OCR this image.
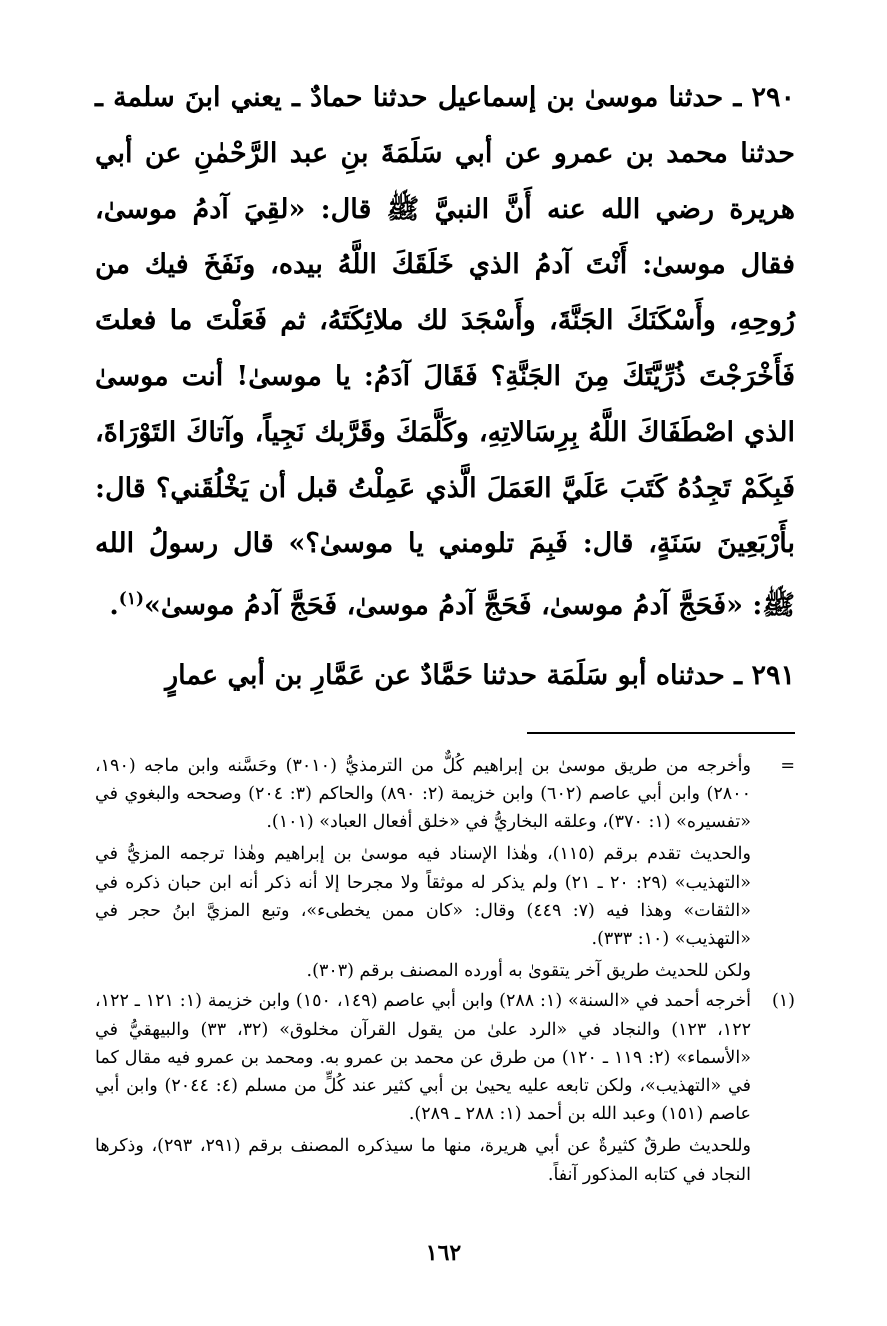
٢٩٠ ـ حدثنا موسىٰ بن إسماعيل حدثنا حمادٌ ـ يعني ابنَ سلمة ـ حدثنا محمد بن عمرو عن أبي سَلَمَةَ بنِ عبد الرَّحْمٰنِ عن أبي هريرة رضي الله عنه أَنَّ النبيَّ ﷺ قال: «لقِيَ آدمُ موسىٰ، فقال موسىٰ: أَنْتَ آدمُ الذي خَلَقَكَ اللَّهُ بيده، ونَفَخَ فيك من رُوحِهِ، وأَسْكَنَكَ الجَنَّةَ، وأَسْجَدَ لك ملائِكَتَهُ، ثم فَعَلْتَ ما فعلتَ فَأَخْرَجْتَ ذُرِّيَّتَكَ مِنَ الجَنَّةِ؟ فَقَالَ آدَمُ: يا موسىٰ! أنت موسىٰ الذي اصْطَفَاكَ اللَّهُ بِرِسَالاتِهِ، وكَلَّمَكَ وقَرَّبك نَجِياً، وآتاكَ التَوْرَاةَ، فَبِكَمْ تَجِدُهُ كَتَبَ عَلَيَّ العَمَلَ الَّذي عَمِلْتُ قبل أن يَخْلُقَني؟ قال: بأَرْبَعِينَ سَنَةٍ، قال: فَبِمَ تلومني يا موسىٰ؟» قال رسولُ الله ﷺ: «فَحَجَّ آدمُ موسىٰ، فَحَجَّ آدمُ موسىٰ، فَحَجَّ آدمُ موسىٰ»$^{(١)}$.

٢٩١ ـ حدثناه أبو سَلَمَة حدثنا حَمَّادٌ عن عَمَّارِ بن أبي عمارٍ

=

وأخرجه من طريق موسىٰ بن إبراهيم كُلٌّ من الترمذيُّ (٣٠١٠) وحَسَّنه وابن ماجه (١٩٠، ٢٨٠٠) وابن أبي عاصم (٦٠٢) وابن خزيمة (٢: ٨٩٠) والحاكم (٣: ٢٠٤) وصححه والبغوي في «تفسيره» (١: ٣٧٠)، وعلقه البخاريُّ في «خلق أفعال العباد» (١٠١).

والحديث تقدم برقم (١١٥)، وهٰذا الإسناد فيه موسىٰ بن إبراهيم وهٰذا ترجمه المزيُّ في «التهذيب» (٢٩: ٢٠ ـ ٢١) ولم يذكر له موثقاً ولا مجرحا إلا أنه ذكر أنه ابن حبان ذكره في «الثقات» وهذا فيه (٧: ٤٤٩) وقال: «كان ممن يخطىء»، وتبع المزيَّ ابنُ حجر في «التهذيب» (١٠: ٣٣٣).

ولكن للحديث طريق آخر يتقوىٰ به أورده المصنف برقم (٣٠٣).

(١)

أخرجه أحمد في «السنة» (١: ٢٨٨) وابن أبي عاصم (١٤٩، ١٥٠) وابن خزيمة (١: ١٢١ ـ ١٢٢، ١٢٢، ١٢٣) والنجاد في «الرد علىٰ من يقول القرآن مخلوق» (٣٢، ٣٣) والبيهقيُّ في «الأسماء» (٢: ١١٩ ـ ١٢٠) من طرق عن محمد بن عمرو به. ومحمد بن عمرو فيه مقال كما في «التهذيب»، ولكن تابعه عليه يحيىٰ بن أبي كثير عند كُلٍّ من مسلم (٤: ٢٠٤٤) وابن أبي عاصم (١٥١) وعبد الله بن أحمد (١: ٢٨٨ ـ ٢٨٩).

وللحديث طرقٌ كثيرةٌ عن أبي هريرة، منها ما سيذكره المصنف برقم (٢٩١، ٢٩٣)، وذكرها النجاد في كتابه المذكور آنفاً.

١٦٢
